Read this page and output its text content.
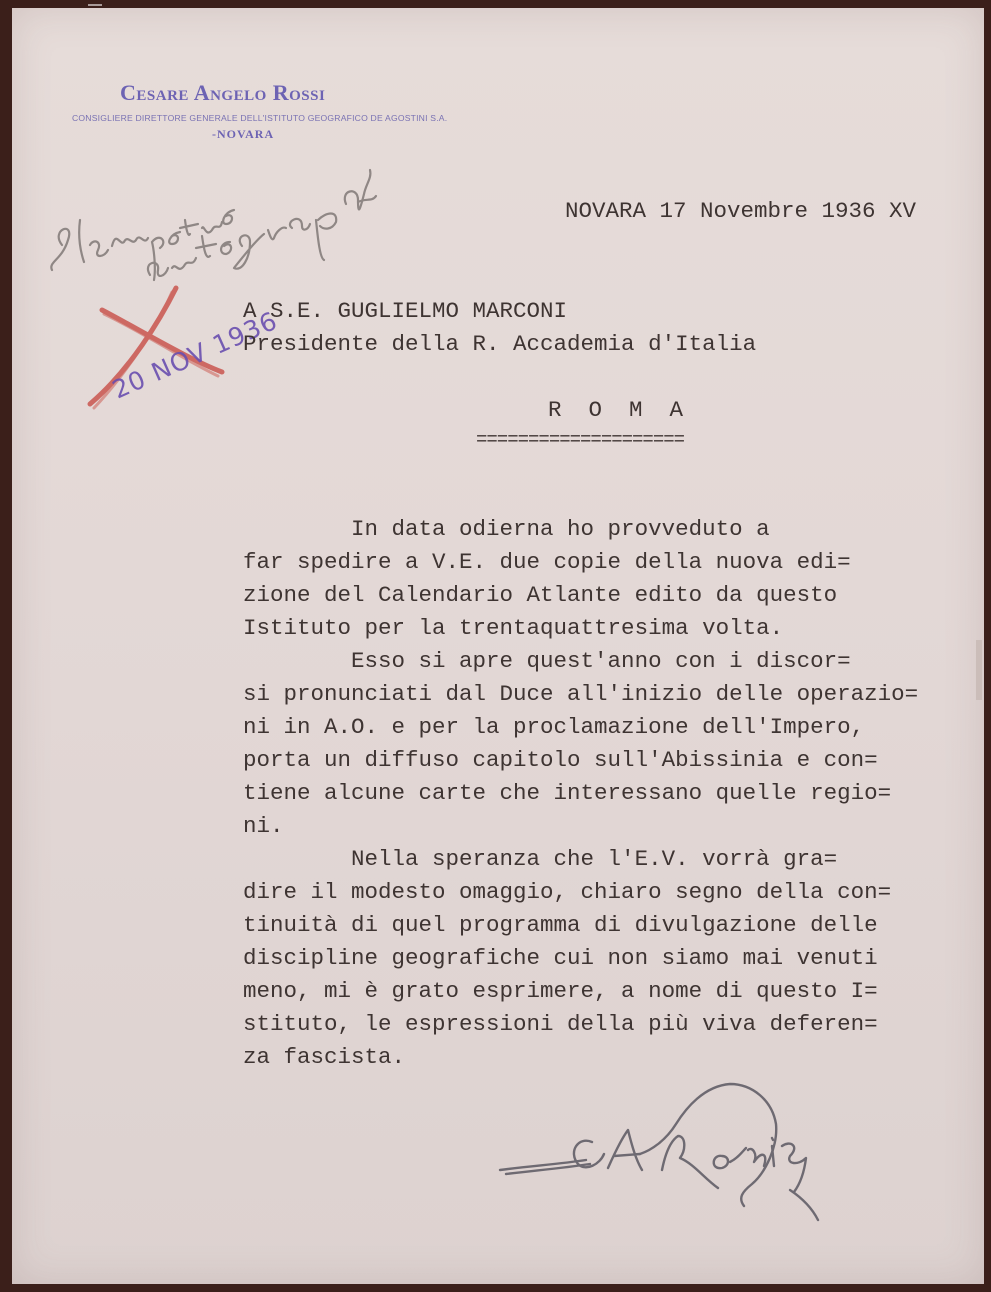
Cesare Angelo Rossi
CONSIGLIERE DIRETTORE GENERALE DELL'ISTITUTO GEOGRAFICO DE AGOSTINI S.A.
-NOVARA
20 NOV 1936
NOVARA 17 Novembre 1936 XV
A S.E. GUGLIELMO MARCONI
Presidente della R. Accademia d'Italia
R  O  M  A
====================
In data odierna ho provveduto a
far spedire a V.E. due copie della nuova edi=
zione del Calendario Atlante edito da questo
Istituto per la trentaquattresima volta.
Esso si apre quest'anno con i discor=
si pronunciati dal Duce all'inizio delle operazio=
ni in A.O. e per la proclamazione dell'Impero,
porta un diffuso capitolo sull'Abissinia e con=
tiene alcune carte che interessano quelle regio=
ni.
Nella speranza che l'E.V. vorrà gra=
dire il modesto omaggio, chiaro segno della con=
tinuità di quel programma di divulgazione delle
discipline geografiche cui non siamo mai venuti
meno, mi è grato esprimere, a nome di questo I=
stituto, le espressioni della più viva deferen=
za fascista.
